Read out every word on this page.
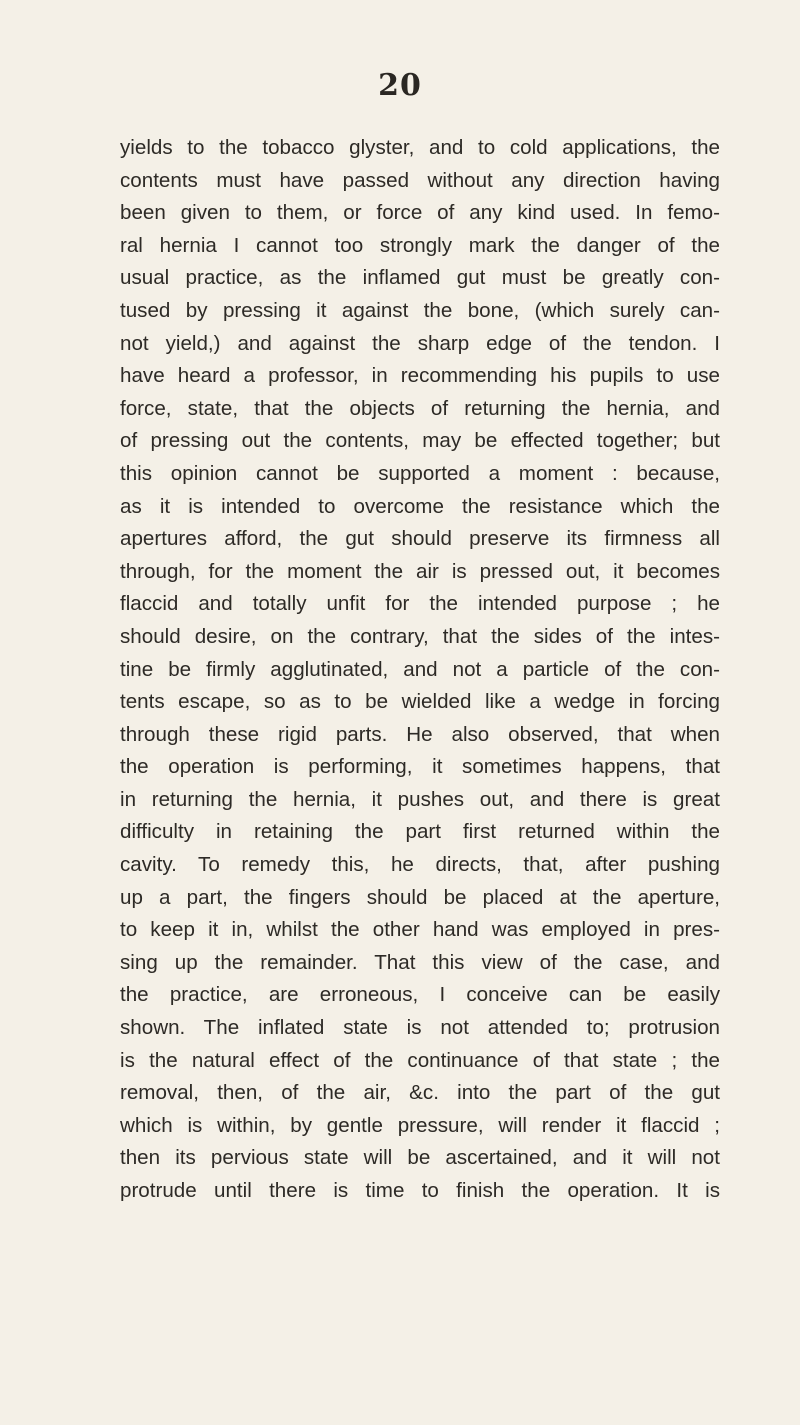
20
yields to the tobacco glyster, and to cold applications, the
contents must have passed without any direction having
been given to them, or force of any kind used. In femo-
ral hernia I cannot too strongly mark the danger of the
usual practice, as the inflamed gut must be greatly con-
tused by pressing it against the bone, (which surely can-
not yield,) and against the sharp edge of the tendon. I
have heard a professor, in recommending his pupils to use
force, state, that the objects of returning the hernia, and
of pressing out the contents, may be effected together; but
this opinion cannot be supported a moment : because,
as it is intended to overcome the resistance which the
apertures afford, the gut should preserve its firmness all
through, for the moment the air is pressed out, it becomes
flaccid and totally unfit for the intended purpose ; he
should desire, on the contrary, that the sides of the intes-
tine be firmly agglutinated, and not a particle of the con-
tents escape, so as to be wielded like a wedge in forcing
through these rigid parts. He also observed, that when
the operation is performing, it sometimes happens, that
in returning the hernia, it pushes out, and there is great
difficulty in retaining the part first returned within the
cavity. To remedy this, he directs, that, after pushing
up a part, the fingers should be placed at the aperture,
to keep it in, whilst the other hand was employed in pres-
sing up the remainder. That this view of the case, and
the practice, are erroneous, I conceive can be easily
shown. The inflated state is not attended to; protrusion
is the natural effect of the continuance of that state ; the
removal, then, of the air, &c. into the part of the gut
which is within, by gentle pressure, will render it flaccid ;
then its pervious state will be ascertained, and it will not
protrude until there is time to finish the operation. It is
